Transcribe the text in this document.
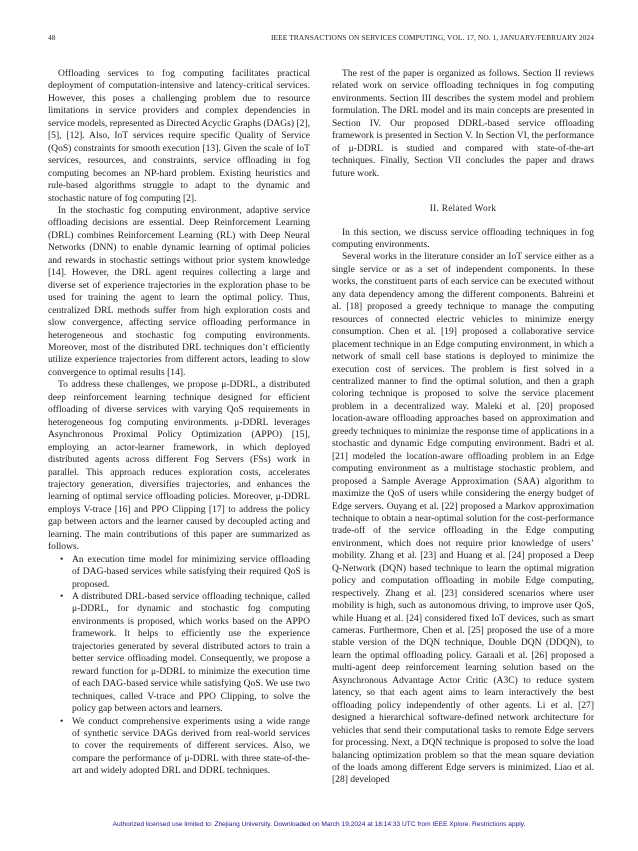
48	IEEE TRANSACTIONS ON SERVICES COMPUTING, VOL. 17, NO. 1, JANUARY/FEBRUARY 2024

Offloading services to fog computing facilitates practical deployment of computation-intensive and latency-critical services. However, this poses a challenging problem due to resource limitations in service providers and complex dependencies in service models, represented as Directed Acyclic Graphs (DAGs) [2], [5], [12]. Also, IoT services require specific Quality of Service (QoS) constraints for smooth execution [13]. Given the scale of IoT services, resources, and constraints, service offloading in fog computing becomes an NP-hard problem. Existing heuristics and rule-based algorithms struggle to adapt to the dynamic and stochastic nature of fog computing [2].

In the stochastic fog computing environment, adaptive service offloading decisions are essential. Deep Reinforcement Learning (DRL) combines Reinforcement Learning (RL) with Deep Neural Networks (DNN) to enable dynamic learning of optimal policies and rewards in stochastic settings without prior system knowledge [14]. However, the DRL agent requires collecting a large and diverse set of experience trajectories in the exploration phase to be used for training the agent to learn the optimal policy. Thus, centralized DRL methods suffer from high exploration costs and slow convergence, affecting service offloading performance in heterogeneous and stochastic fog computing environments. Moreover, most of the distributed DRL techniques don’t efficiently utilize experience trajectories from different actors, leading to slow convergence to optimal results [14].

To address these challenges, we propose μ-DDRL, a distributed deep reinforcement learning technique designed for efficient offloading of diverse services with varying QoS requirements in heterogeneous fog computing environments. μ-DDRL leverages Asynchronous Proximal Policy Optimization (APPO) [15], employing an actor-learner framework, in which deployed distributed agents across different Fog Servers (FSs) work in parallel. This approach reduces exploration costs, accelerates trajectory generation, diversifies trajectories, and enhances the learning of optimal service offloading policies. Moreover, μ-DDRL employs V-trace [16] and PPO Clipping [17] to address the policy gap between actors and the learner caused by decoupled acting and learning. The main contributions of this paper are summarized as follows.

• An execution time model for minimizing service offloading of DAG-based services while satisfying their required QoS is proposed.
• A distributed DRL-based service offloading technique, called μ-DDRL, for dynamic and stochastic fog computing environments is proposed, which works based on the APPO framework. It helps to efficiently use the experience trajectories generated by several distributed actors to train a better service offloading model. Consequently, we propose a reward function for μ-DDRL to minimize the execution time of each DAG-based service while satisfying QoS. We use two techniques, called V-trace and PPO Clipping, to solve the policy gap between actors and learners.
• We conduct comprehensive experiments using a wide range of synthetic service DAGs derived from real-world services to cover the requirements of different services. Also, we compare the performance of μ-DDRL with three state-of-the-art and widely adopted DRL and DDRL techniques.

The rest of the paper is organized as follows. Section II reviews related work on service offloading techniques in fog computing environments. Section III describes the system model and problem formulation. The DRL model and its main concepts are presented in Section IV. Our proposed DDRL-based service offloading framework is presented in Section V. In Section VI, the performance of μ-DDRL is studied and compared with state-of-the-art techniques. Finally, Section VII concludes the paper and draws future work.

II. Related Work

In this section, we discuss service offloading techniques in fog computing environments.

Several works in the literature consider an IoT service either as a single service or as a set of independent components. In these works, the constituent parts of each service can be executed without any data dependency among the different components. Bahreini et al. [18] proposed a greedy technique to manage the computing resources of connected electric vehicles to minimize energy consumption. Chen et al. [19] proposed a collaborative service placement technique in an Edge computing environment, in which a network of small cell base stations is deployed to minimize the execution cost of services. The problem is first solved in a centralized manner to find the optimal solution, and then a graph coloring technique is proposed to solve the service placement problem in a decentralized way. Maleki et al. [20] proposed location-aware offloading approaches based on approximation and greedy techniques to minimize the response time of applications in a stochastic and dynamic Edge computing environment. Badri et al. [21] modeled the location-aware offloading problem in an Edge computing environment as a multistage stochastic problem, and proposed a Sample Average Approximation (SAA) algorithm to maximize the QoS of users while considering the energy budget of Edge servers. Ouyang et al. [22] proposed a Markov approximation technique to obtain a near-optimal solution for the cost-performance trade-off of the service offloading in the Edge computing environment, which does not require prior knowledge of users’ mobility. Zhang et al. [23] and Huang et al. [24] proposed a Deep Q-Network (DQN) based technique to learn the optimal migration policy and computation offloading in mobile Edge computing, respectively. Zhang et al. [23] considered scenarios where user mobility is high, such as autonomous driving, to improve user QoS, while Huang et al. [24] considered fixed IoT devices, such as smart cameras. Furthermore, Chen et al. [25] proposed the use of a more stable version of the DQN technique, Double DQN (DDQN), to learn the optimal offloading policy. Garaali et al. [26] proposed a multi-agent deep reinforcement learning solution based on the Asynchronous Advantage Actor Critic (A3C) to reduce system latency, so that each agent aims to learn interactively the best offloading policy independently of other agents. Li et al. [27] designed a hierarchical software-defined network architecture for vehicles that send their computational tasks to remote Edge servers for processing. Next, a DQN technique is proposed to solve the load balancing optimization problem so that the mean square deviation of the loads among different Edge servers is minimized. Liao et al. [28] developed

Authorized licensed use limited to: Zhejiang University. Downloaded on March 19,2024 at 18:14:33 UTC from IEEE Xplore. Restrictions apply.
